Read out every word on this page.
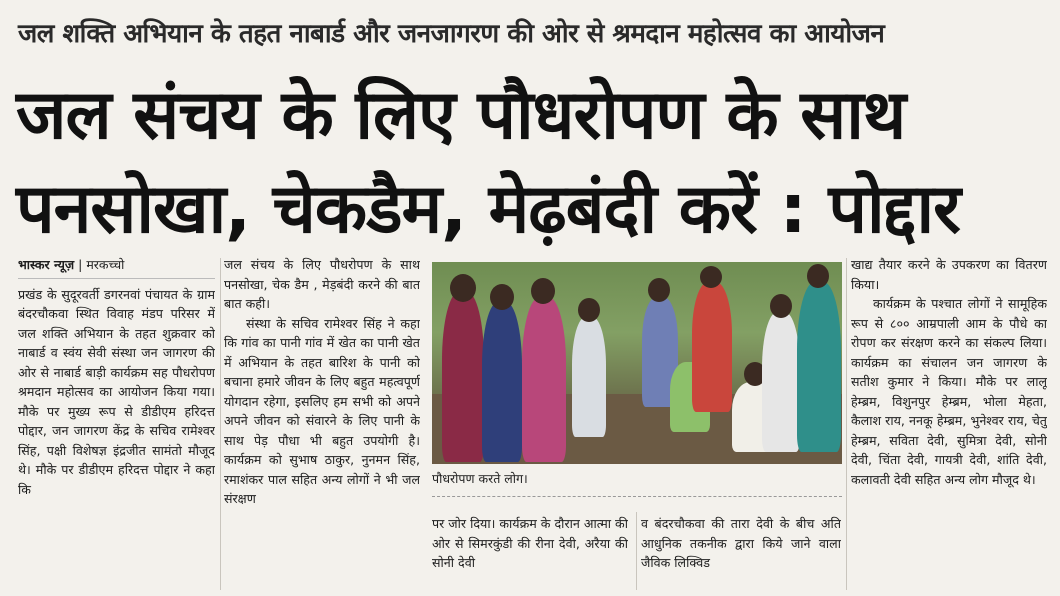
जल शक्ति अभियान के तहत नाबार्ड और जनजागरण की ओर से श्रमदान महोत्सव का आयोजन
जल संचय के लिए पौधरोपण के साथ
पनसोखा, चेकडैम, मेढ़बंदी करें : पोद्दार
भास्कर न्यूज़ | मरकच्चो

प्रखंड के सुदूरवर्ती डगरनवां पंचायत के ग्राम बंदरचौकवा स्थित विवाह मंडप परिसर में जल शक्ति अभियान के तहत शुक्रवार को नाबार्ड व स्वंय सेवी संस्था जन जागरण की ओर से नाबार्ड बाड़ी कार्यक्रम सह पौधरोपण श्रमदान महोत्सव का आयोजन किया गया। मौके पर मुख्य रूप से डीडीएम हरिदत्त पोद्दार, जन जागरण केंद्र के सचिव रामेश्वर सिंह, पक्षी विशेषज्ञ इंद्रजीत सामंतो मौजूद थे। मौके पर डीडीएम हरिदत्त पोद्दार ने कहा कि

जल संचय के लिए पौधरोपण के साथ पनसोखा, चेक डैम , मेड़बंदी करने की बात बात कही।

संस्था के सचिव रामेश्वर सिंह ने कहा कि गांव का पानी गांव में खेत का पानी खेत में अभियान के तहत बारिश के पानी को बचाना हमारे जीवन के लिए बहुत महत्वपूर्ण योगदान रहेगा, इसलिए हम सभी को अपने अपने जीवन को संवारने के लिए पानी के साथ पेड़ पौधा भी बहुत उपयोगी है। कार्यक्रम को सुभाष ठाकुर, नुनमन सिंह, रमाशंकर पाल सहित अन्य लोगों ने भी जल संरक्षण

पौधरोपण करते लोग।
पर जोर दिया। कार्यक्रम के दौरान आत्मा की ओर से सिमरकुंडी की रीना देवी, अरैया की सोनी देवी
व बंदरचौकवा की तारा देवी के बीच अति आधुनिक तकनीक द्वारा किये जाने वाला जैविक लिक्विड

खाद्य तैयार करने के उपकरण का वितरण किया।

कार्यक्रम के पश्चात लोगों ने सामूहिक रूप से ८०० आम्रपाली आम के पौधे का रोपण कर संरक्षण करने का संकल्प लिया। कार्यक्रम का संचालन जन जागरण के सतीश कुमार ने किया। मौके पर लालू हेम्ब्रम, विशुनपुर हेम्ब्रम, भोला मेहता, कैलाश राय, ननकू हेम्ब्रम, भुनेश्वर राय, चेतु हेम्ब्रम, सविता देवी, सुमित्रा देवी, सोनी देवी, चिंता देवी, गायत्री देवी, शांति देवी, कलावती देवी सहित अन्य लोग मौजूद थे।
